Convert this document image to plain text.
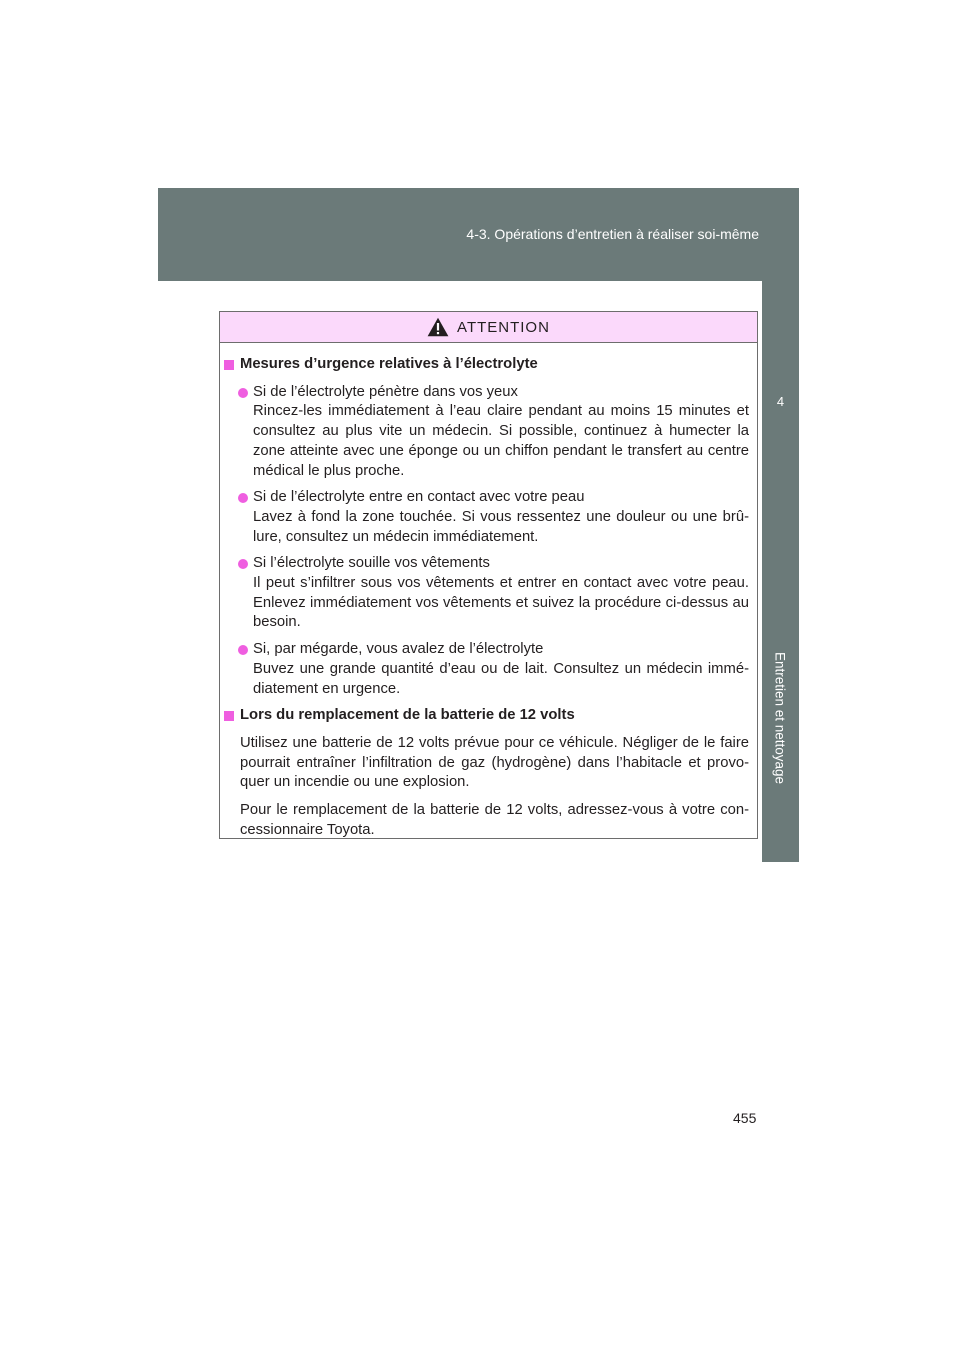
4-3. Opérations d’entretien à réaliser soi-même
4
Entretien et nettoyage
ATTENTION
Mesures d’urgence relatives à l’électrolyte

Si de l’électrolyte pénètre dans vos yeux

Rincez-les immédiatement à l’eau claire pendant au moins 15 minutes et consultez au plus vite un médecin. Si possible, continuez à humecter la zone atteinte avec une éponge ou un chiffon pendant le transfert au centre médical le plus proche.

Si de l’électrolyte entre en contact avec votre peau

Lavez à fond la zone touchée. Si vous ressentez une douleur ou une brû-lure, consultez un médecin immédiatement.

Si l’électrolyte souille vos vêtements

Il peut s’infiltrer sous vos vêtements et entrer en contact avec votre peau. Enlevez immédiatement vos vêtements et suivez la procédure ci-dessus au besoin.

Si, par mégarde, vous avalez de l’électrolyte

Buvez une grande quantité d’eau ou de lait. Consultez un médecin immé-diatement en urgence.

Lors du remplacement de la batterie de 12 volts

Utilisez une batterie de 12 volts prévue pour ce véhicule. Négliger de le faire pourrait entraîner l’infiltration de gaz (hydrogène) dans l’habitacle et provo-quer un incendie ou une explosion.

Pour le remplacement de la batterie de 12 volts, adressez-vous à votre con-cessionnaire Toyota.

455
